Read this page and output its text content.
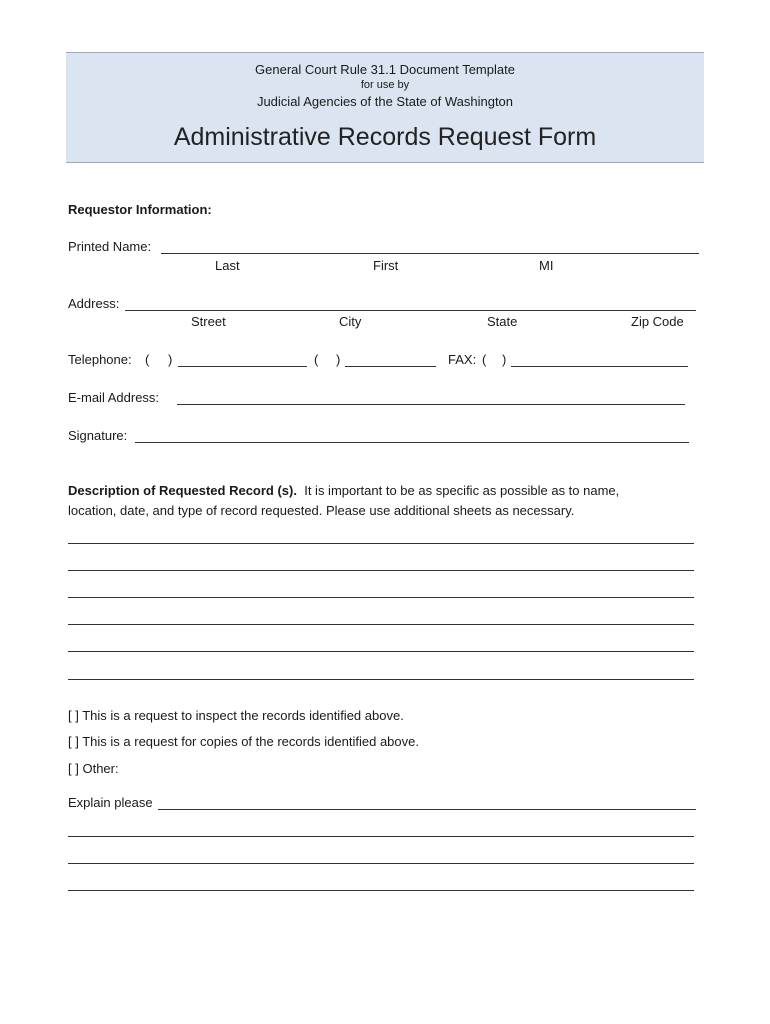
General Court Rule 31.1 Document Template
for use by
Judicial Agencies of the State of Washington
Administrative Records Request Form
Requestor Information:
Printed Name:
Last	First	MI
Address:
Street	City	State	Zip Code
Telephone: ( )	( )	FAX: ( )
E-mail Address:
Signature:
Description of Requested Record (s). It is important to be as specific as possible as to name,
location, date, and type of record requested. Please use additional sheets as necessary.
[ ] This is a request to inspect the records identified above.
[ ] This is a request for copies of the records identified above.
[ ] Other:
Explain please
